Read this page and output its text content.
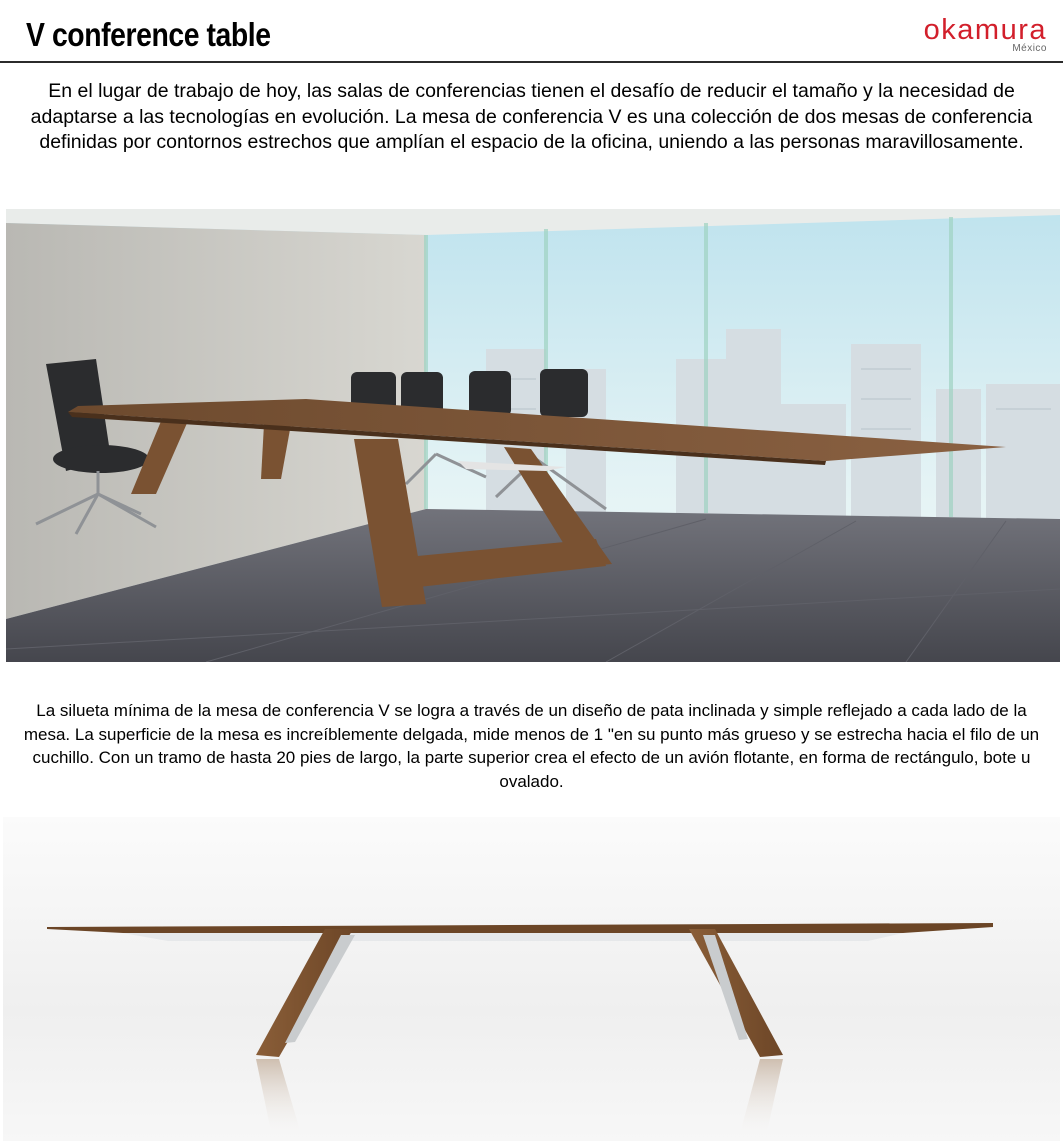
V conference table	okamura
México

En el lugar de trabajo de hoy, las salas de conferencias tienen el desafío de reducir el tamaño y la necesidad de adaptarse a las tecnologías en evolución. La mesa de conferencia V es una colección de dos mesas de conferencia definidas por contornos estrechos que amplían el espacio de la oficina, uniendo a las personas maravillosamente.

La silueta mínima de la mesa de conferencia V se logra a través de un diseño de pata inclinada y simple reflejado a cada lado de la mesa. La superficie de la mesa es increíblemente delgada, mide menos de 1 "en su punto más grueso y se estrecha hacia el filo de un cuchillo. Con un tramo de hasta 20 pies de largo, la parte superior crea el efecto de un avión flotante, en forma de rectángulo, bote u ovalado.
